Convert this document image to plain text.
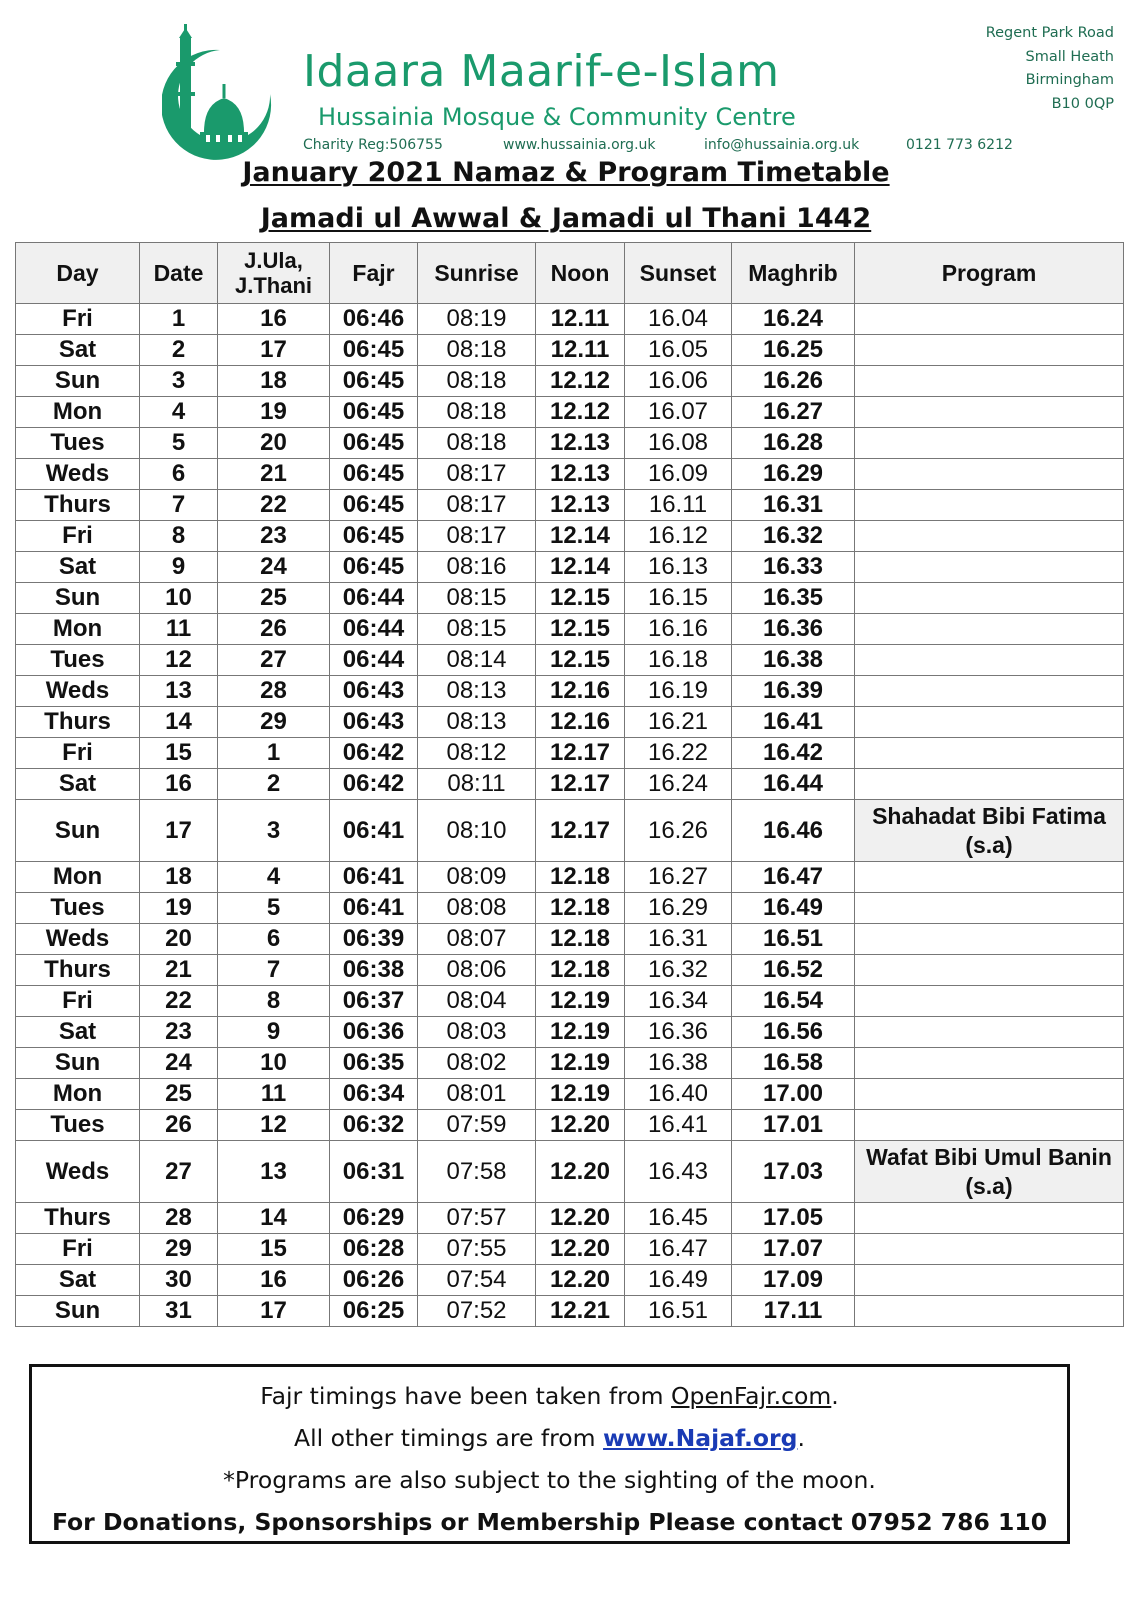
Idaara Maarif-e-Islam
Hussainia Mosque & Community Centre
Charity Reg:506755	www.hussainia.org.uk	info@hussainia.org.uk	0121 773 6212
Regent Park Road
Small Heath
Birmingham
B10 0QP
January 2021 Namaz & Program Timetable
Jamadi ul Awwal & Jamadi ul Thani 1442
Day	Date	J.Ula, J.Thani	Fajr	Sunrise	Noon	Sunset	Maghrib	Program
Fri	1	16	06:46	08:19	12.11	16.04	16.24	
Sat	2	17	06:45	08:18	12.11	16.05	16.25	
Sun	3	18	06:45	08:18	12.12	16.06	16.26	
Mon	4	19	06:45	08:18	12.12	16.07	16.27	
Tues	5	20	06:45	08:18	12.13	16.08	16.28	
Weds	6	21	06:45	08:17	12.13	16.09	16.29	
Thurs	7	22	06:45	08:17	12.13	16.11	16.31	
Fri	8	23	06:45	08:17	12.14	16.12	16.32	
Sat	9	24	06:45	08:16	12.14	16.13	16.33	
Sun	10	25	06:44	08:15	12.15	16.15	16.35	
Mon	11	26	06:44	08:15	12.15	16.16	16.36	
Tues	12	27	06:44	08:14	12.15	16.18	16.38	
Weds	13	28	06:43	08:13	12.16	16.19	16.39	
Thurs	14	29	06:43	08:13	12.16	16.21	16.41	
Fri	15	1	06:42	08:12	12.17	16.22	16.42	
Sat	16	2	06:42	08:11	12.17	16.24	16.44	
Sun	17	3	06:41	08:10	12.17	16.26	16.46	Shahadat Bibi Fatima (s.a)
Mon	18	4	06:41	08:09	12.18	16.27	16.47	
Tues	19	5	06:41	08:08	12.18	16.29	16.49	
Weds	20	6	06:39	08:07	12.18	16.31	16.51	
Thurs	21	7	06:38	08:06	12.18	16.32	16.52	
Fri	22	8	06:37	08:04	12.19	16.34	16.54	
Sat	23	9	06:36	08:03	12.19	16.36	16.56	
Sun	24	10	06:35	08:02	12.19	16.38	16.58	
Mon	25	11	06:34	08:01	12.19	16.40	17.00	
Tues	26	12	06:32	07:59	12.20	16.41	17.01	
Weds	27	13	06:31	07:58	12.20	16.43	17.03	Wafat Bibi Umul Banin (s.a)
Thurs	28	14	06:29	07:57	12.20	16.45	17.05	
Fri	29	15	06:28	07:55	12.20	16.47	17.07	
Sat	30	16	06:26	07:54	12.20	16.49	17.09	
Sun	31	17	06:25	07:52	12.21	16.51	17.11	
Fajr timings have been taken from OpenFajr.com.
All other timings are from www.Najaf.org.
*Programs are also subject to the sighting of the moon.
For Donations, Sponsorships or Membership Please contact 07952 786 110
